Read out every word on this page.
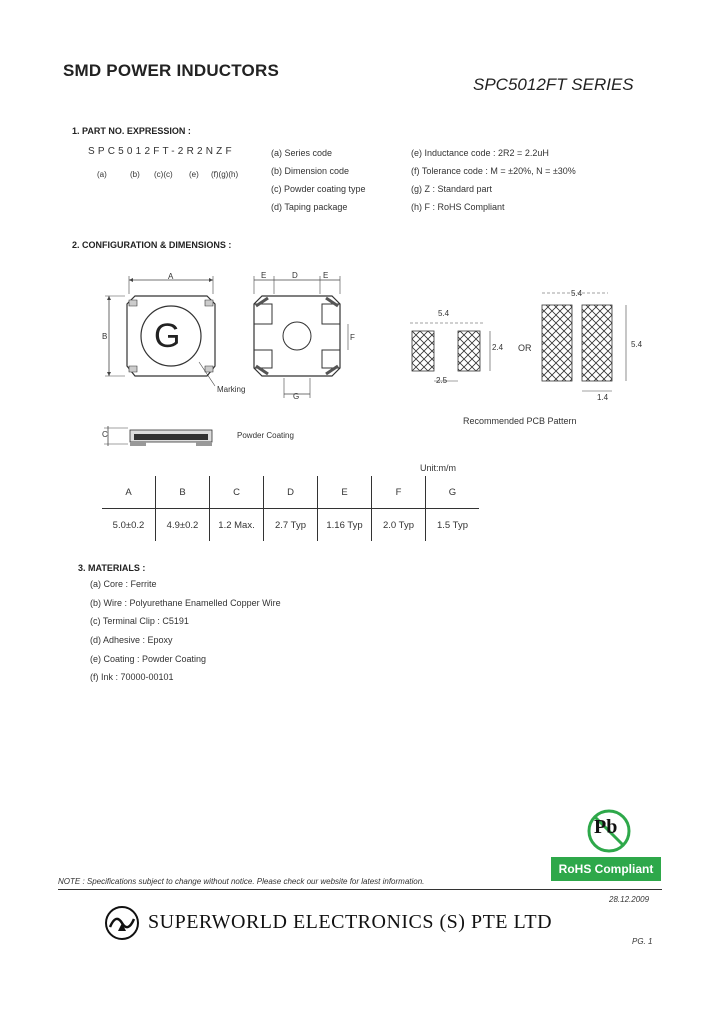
SMD POWER INDUCTORS
SPC5012FT SERIES
1. PART NO. EXPRESSION :
SPC5012FT-2R2NZF
(a)	(b) (c)(c) (e) (f)(g)(h)
(a) Series code
(b) Dimension code
(c) Powder coating type
(d) Taping package
(e) Inductance code : 2R2 = 2.2uH
(f) Tolerance code : M = ±20%, N = ±30%
(g) Z : Standard part
(h) F : RoHS Compliant
2. CONFIGURATION & DIMENSIONS :
G
A
B
Marking
E	D	E
F
G
C	Powder Coating
5.4
2.4
2.5
OR
5.4
5.4
1.4
Recommended PCB Pattern
Unit:m/m
A	B	C	D	E	F	G
5.0±0.2	4.9±0.2	1.2 Max.	2.7 Typ	1.16 Typ	2.0 Typ	1.5 Typ
3. MATERIALS :
(a) Core : Ferrite
(b) Wire : Polyurethane Enamelled Copper Wire
(c) Terminal Clip : C5191
(d) Adhesive : Epoxy
(e) Coating : Powder Coating
(f) Ink : 70000-00101
Pb
RoHS Compliant
NOTE : Specifications subject to change without notice. Please check our website for latest information.
28.12.2009
SUPERWORLD ELECTRONICS (S) PTE LTD
PG. 1
